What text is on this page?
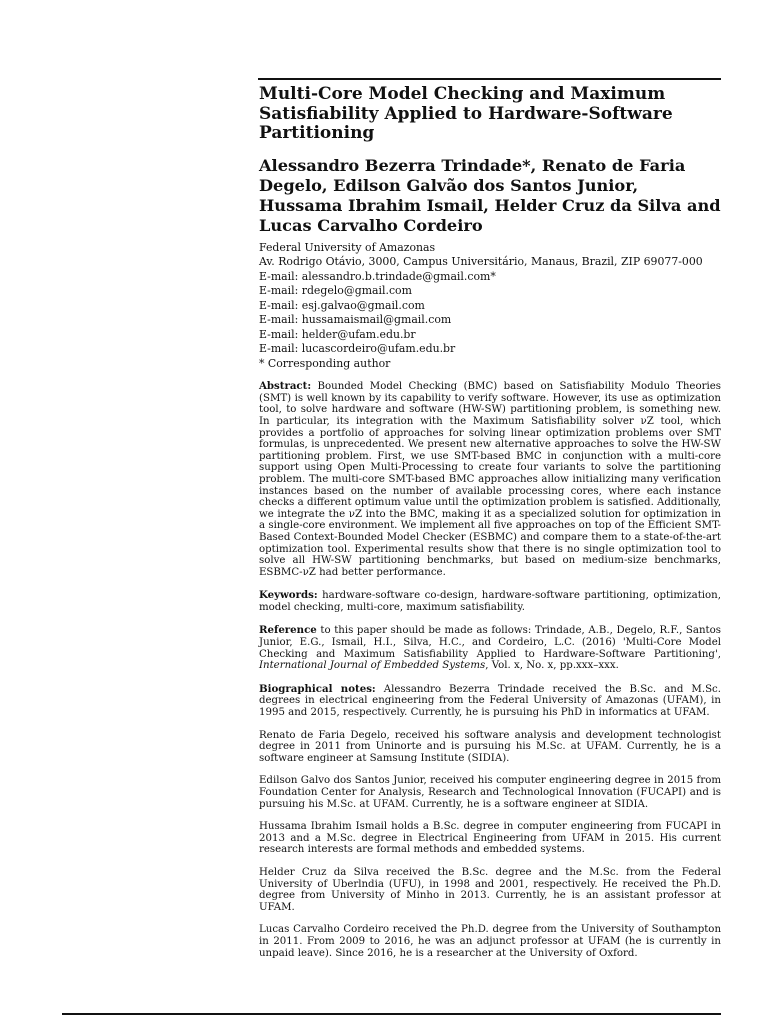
Multi-Core Model Checking and Maximum Satisfiability Applied to Hardware-Software Partitioning
Alessandro Bezerra Trindade*, Renato de Faria Degelo, Edilson Galvão dos Santos Junior, Hussama Ibrahim Ismail, Helder Cruz da Silva and Lucas Carvalho Cordeiro
Federal University of Amazonas
Av. Rodrigo Otávio, 3000, Campus Universitário, Manaus, Brazil, ZIP 69077-000
E-mail: alessandro.b.trindade@gmail.com*
E-mail: rdegelo@gmail.com
E-mail: esj.galvao@gmail.com
E-mail: hussamaismail@gmail.com
E-mail: helder@ufam.edu.br
E-mail: lucascordeiro@ufam.edu.br
* Corresponding author

Abstract: Bounded Model Checking (BMC) based on Satisfiability Modulo Theories (SMT) is well known by its capability to verify software. However, its use as optimization tool, to solve hardware and software (HW-SW) partitioning problem, is something new. In particular, its integration with the Maximum Satisfiability solver νZ tool, which provides a portfolio of approaches for solving linear optimization problems over SMT formulas, is unprecedented. We present new alternative approaches to solve the HW-SW partitioning problem. First, we use SMT-based BMC in conjunction with a multi-core support using Open Multi-Processing to create four variants to solve the partitioning problem. The multi-core SMT-based BMC approaches allow initializing many verification instances based on the number of available processing cores, where each instance checks a different optimum value until the optimization problem is satisfied. Additionally, we integrate the νZ into the BMC, making it as a specialized solution for optimization in a single-core environment. We implement all five approaches on top of the Efficient SMT-Based Context-Bounded Model Checker (ESBMC) and compare them to a state-of-the-art optimization tool. Experimental results show that there is no single optimization tool to solve all HW-SW partitioning benchmarks, but based on medium-size benchmarks, ESBMC-νZ had better performance.

Keywords: hardware-software co-design, hardware-software partitioning, optimization, model checking, multi-core, maximum satisfiability.

Reference to this paper should be made as follows: Trindade, A.B., Degelo, R.F., Santos Junior, E.G., Ismail, H.I., Silva, H.C., and Cordeiro, L.C. (2016) 'Multi-Core Model Checking and Maximum Satisfiability Applied to Hardware-Software Partitioning', International Journal of Embedded Systems, Vol. x, No. x, pp.xxx–xxx.

Biographical notes: Alessandro Bezerra Trindade received the B.Sc. and M.Sc. degrees in electrical engineering from the Federal University of Amazonas (UFAM), in 1995 and 2015, respectively. Currently, he is pursuing his PhD in informatics at UFAM.

Renato de Faria Degelo, received his software analysis and development technologist degree in 2011 from Uninorte and is pursuing his M.Sc. at UFAM. Currently, he is a software engineer at Samsung Institute (SIDIA).

Edilson Galvo dos Santos Junior, received his computer engineering degree in 2015 from Foundation Center for Analysis, Research and Technological Innovation (FUCAPI) and is pursuing his M.Sc. at UFAM. Currently, he is a software engineer at SIDIA.

Hussama Ibrahim Ismail holds a B.Sc. degree in computer engineering from FUCAPI in 2013 and a M.Sc. degree in Electrical Engineering from UFAM in 2015. His current research interests are formal methods and embedded systems.

Helder Cruz da Silva received the B.Sc. degree and the M.Sc. from the Federal University of Uberlndia (UFU), in 1998 and 2001, respectively. He received the Ph.D. degree from University of Minho in 2013. Currently, he is an assistant professor at UFAM.

Lucas Carvalho Cordeiro received the Ph.D. degree from the University of Southampton in 2011. From 2009 to 2016, he was an adjunct professor at UFAM (he is currently in unpaid leave). Since 2016, he is a researcher at the University of Oxford.
